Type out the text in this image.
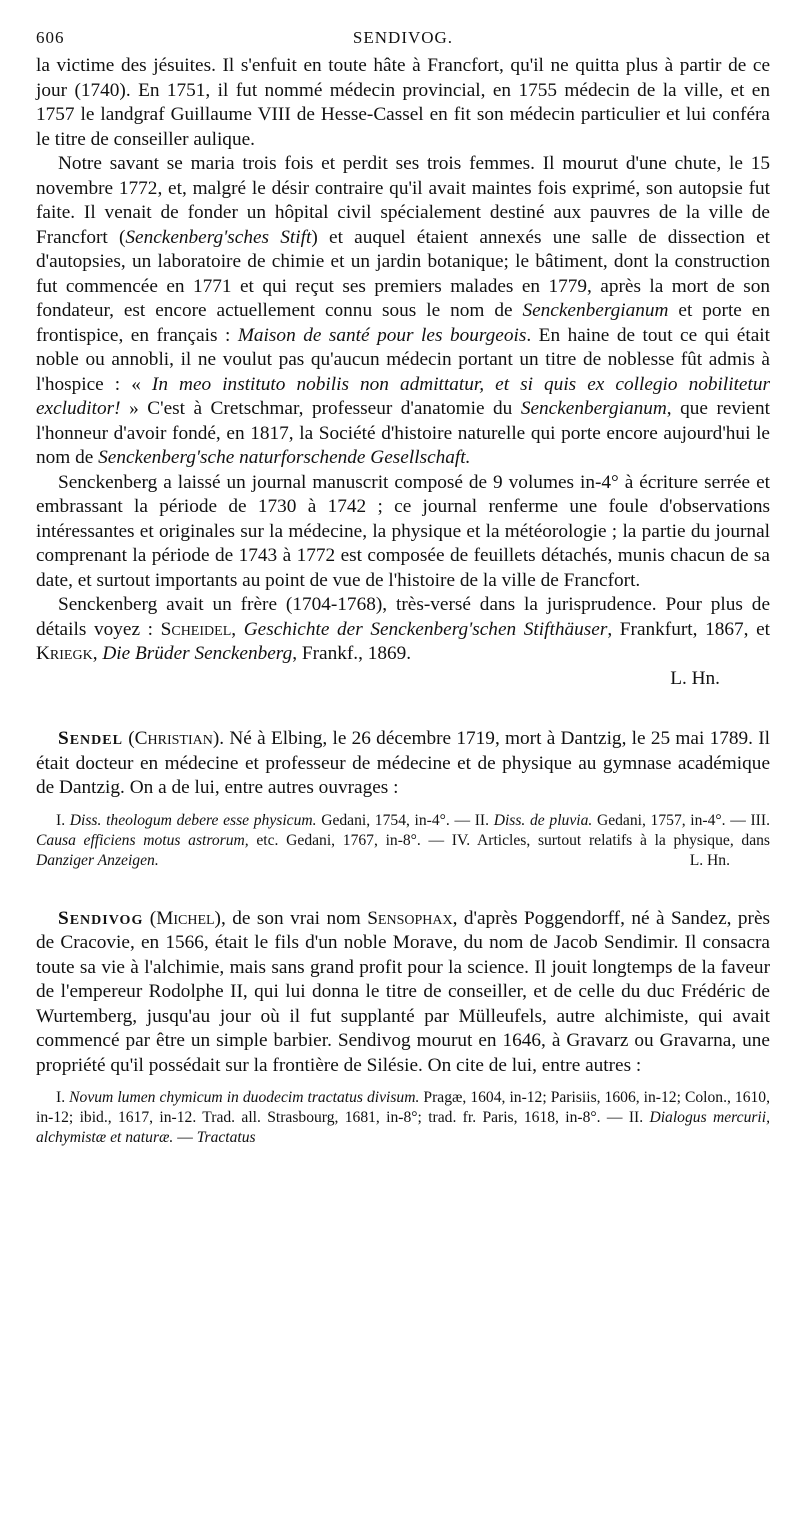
606	SENDIVOG.

la victime des jésuites. Il s'enfuit en toute hâte à Francfort, qu'il ne quitta plus à partir de ce jour (1740). En 1751, il fut nommé médecin provincial, en 1755 médecin de la ville, et en 1757 le landgraf Guillaume VIII de Hesse-Cassel en fit son médecin particulier et lui conféra le titre de conseiller aulique.

Notre savant se maria trois fois et perdit ses trois femmes. Il mourut d'une chute, le 15 novembre 1772, et, malgré le désir contraire qu'il avait maintes fois exprimé, son autopsie fut faite. Il venait de fonder un hôpital civil spécialement destiné aux pauvres de la ville de Francfort (Senckenberg'sches Stift) et auquel étaient annexés une salle de dissection et d'autopsies, un laboratoire de chimie et un jardin botanique; le bâtiment, dont la construction fut commencée en 1771 et qui reçut ses premiers malades en 1779, après la mort de son fondateur, est encore actuellement connu sous le nom de Senckenbergianum et porte en frontispice, en français : Maison de santé pour les bourgeois. En haine de tout ce qui était noble ou annobli, il ne voulut pas qu'aucun médecin portant un titre de noblesse fût admis à l'hospice : « In meo instituto nobilis non admittatur, et si quis ex collegio nobilitetur excluditor! » C'est à Cretschmar, professeur d'anatomie du Senckenbergianum, que revient l'honneur d'avoir fondé, en 1817, la Société d'histoire naturelle qui porte encore aujourd'hui le nom de Senckenberg'sche naturforschende Gesellschaft.

Senckenberg a laissé un journal manuscrit composé de 9 volumes in-4° à écriture serrée et embrassant la période de 1730 à 1742 ; ce journal renferme une foule d'observations intéressantes et originales sur la médecine, la physique et la météorologie ; la partie du journal comprenant la période de 1743 à 1772 est composée de feuillets détachés, munis chacun de sa date, et surtout importants au point de vue de l'histoire de la ville de Francfort.

Senckenberg avait un frère (1704-1768), très-versé dans la jurisprudence. Pour plus de détails voyez : Scheidel, Geschichte der Senckenberg'schen Stifthäuser, Frankfurt, 1867, et Kriegk, Die Brüder Senckenberg, Frankf., 1869.

L. Hn.

Sendel (Christian). Né à Elbing, le 26 décembre 1719, mort à Dantzig, le 25 mai 1789. Il était docteur en médecine et professeur de médecine et de physique au gymnase académique de Dantzig. On a de lui, entre autres ouvrages :

I. Diss. theologum debere esse physicum. Gedani, 1754, in-4°. — II. Diss. de pluvia. Gedani, 1757, in-4°. — III. Causa efficiens motus astrorum, etc. Gedani, 1767, in-8°. — IV. Articles, surtout relatifs à la physique, dans Danziger Anzeigen.	L. Hn.

Sendivog (Michel), de son vrai nom Sensophax, d'après Poggendorff, né à Sandez, près de Cracovie, en 1566, était le fils d'un noble Morave, du nom de Jacob Sendimir. Il consacra toute sa vie à l'alchimie, mais sans grand profit pour la science. Il jouit longtemps de la faveur de l'empereur Rodolphe II, qui lui donna le titre de conseiller, et de celle du duc Frédéric de Wurtemberg, jusqu'au jour où il fut supplanté par Mülleufels, autre alchimiste, qui avait commencé par être un simple barbier. Sendivog mourut en 1646, à Gravarz ou Gravarna, une propriété qu'il possédait sur la frontière de Silésie. On cite de lui, entre autres :

I. Novum lumen chymicum in duodecim tractatus divisum. Pragæ, 1604, in-12; Parisiis, 1606, in-12; Colon., 1610, in-12; ibid., 1617, in-12. Trad. all. Strasbourg, 1681, in-8°; trad. fr. Paris, 1618, in-8°. — II. Dialogus mercurii, alchymistæ et naturæ. — Tractatus
